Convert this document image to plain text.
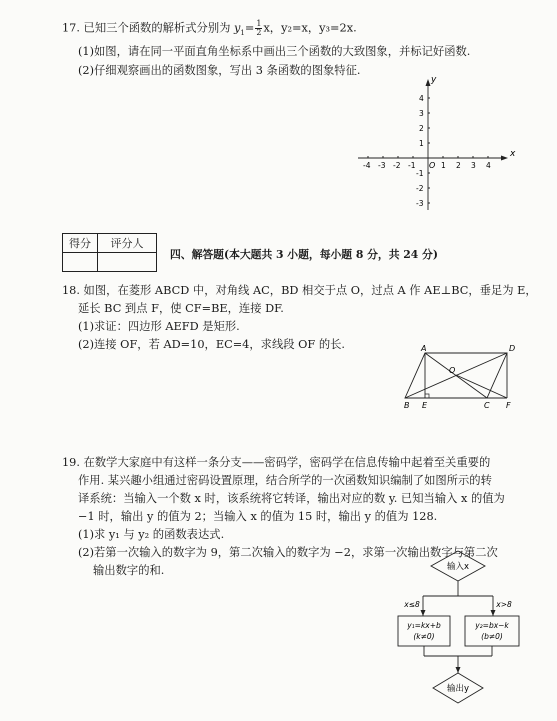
17. 已知三个函数的解析式分别为 $y_1= \frac{1}{2}$ x，y₂=x，y₃=2x.
(1)如图，请在同一平面直角坐标系中画出三个函数的大致图象，并标记好函数.
(2)仔细观察画出的函数图象，写出 3 条函数的图象特征.
x
y
O
-4 -3 -2 -1	1 2 3 4
4
3
2
1
-1
-2
-3
得分	评分人

四、解答题(本大题共 3 小题，每小题 8 分，共 24 分)
18. 如图，在菱形 ABCD 中，对角线 AC，BD 相交于点 O，过点 A 作 AE⊥BC，垂足为 E，
延长 BC 到点 F，使 CF=BE，连接 DF.
(1)求证：四边形 AEFD 是矩形.
(2)连接 OF，若 AD=10，EC=4，求线段 OF 的长.	A	D
O
B E	C F
19. 在数学大家庭中有这样一条分支——密码学，密码学在信息传输中起着至关重要的
作用. 某兴趣小组通过密码设置原理，结合所学的一次函数知识编制了如图所示的转
译系统：当输入一个数 x 时，该系统将它转译，输出对应的数 y. 已知当输入 x 的值为
−1 时，输出 y 的值为 2；当输入 x 的值为 15 时，输出 y 的值为 128.
(1)求 y₁ 与 y₂ 的函数表达式.
(2)若第一次输入的数字为 9，第二次输入的数字为 −2，求第一次输出数字与第二次
输出数字的和.	输入x
x≤8	x>8
y₁=kx+b
(k≠0)
y₂=bx−k
(b≠0)
输出y
